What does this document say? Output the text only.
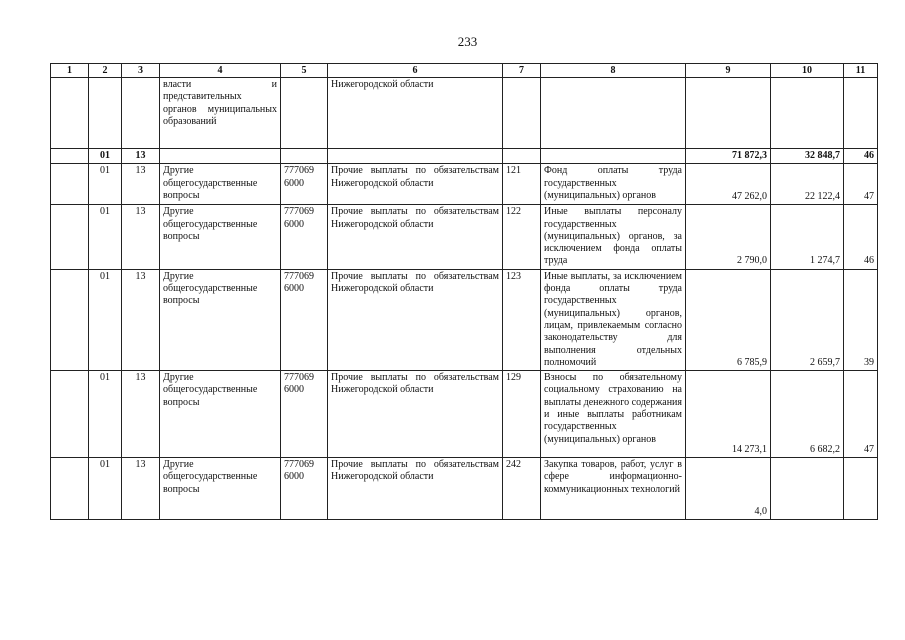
233
1	2	3	4	5	6	7	8	9	10	11
			власти и представительных органов муниципальных образований		Нижегородской области					
	01	13						71 872,3	32 848,7	46
	01	13	Другие общегосударственные вопросы	777069 6000	Прочие выплаты по обязательствам Нижегородской области	121	Фонд оплаты труда государственных (муниципальных) органов	47 262,0	22 122,4	47
	01	13	Другие общегосударственные вопросы	777069 6000	Прочие выплаты по обязательствам Нижегородской области	122	Иные выплаты персоналу государственных (муниципальных) органов, за исключением фонда оплаты труда	2 790,0	1 274,7	46
	01	13	Другие общегосударственные вопросы	777069 6000	Прочие выплаты по обязательствам Нижегородской области	123	Иные выплаты, за исключением фонда оплаты труда государственных (муниципальных) органов, лицам, привлекаемым согласно законодательству для выполнения отдельных полномочий	6 785,9	2 659,7	39
	01	13	Другие общегосударственные вопросы	777069 6000	Прочие выплаты по обязательствам Нижегородской области	129	Взносы по обязательному социальному страхованию на выплаты денежного содержания и иные выплаты работникам государственных (муниципальных) органов	14 273,1	6 682,2	47
	01	13	Другие общегосударственные вопросы	777069 6000	Прочие выплаты по обязательствам Нижегородской области	242	Закупка товаров, работ, услуг в сфере информационно-коммуникационных технологий	4,0		
